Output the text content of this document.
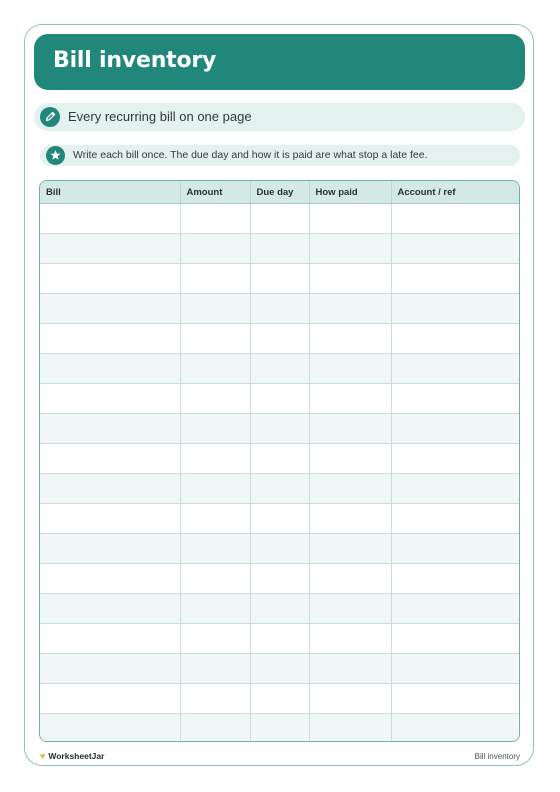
Bill inventory
Every recurring bill on one page
Write each bill once. The due day and how it is paid are what stop a late fee.
Bill	Amount	Due day	How paid	Account / ref

♥ WorksheetJar	Bill inventory
